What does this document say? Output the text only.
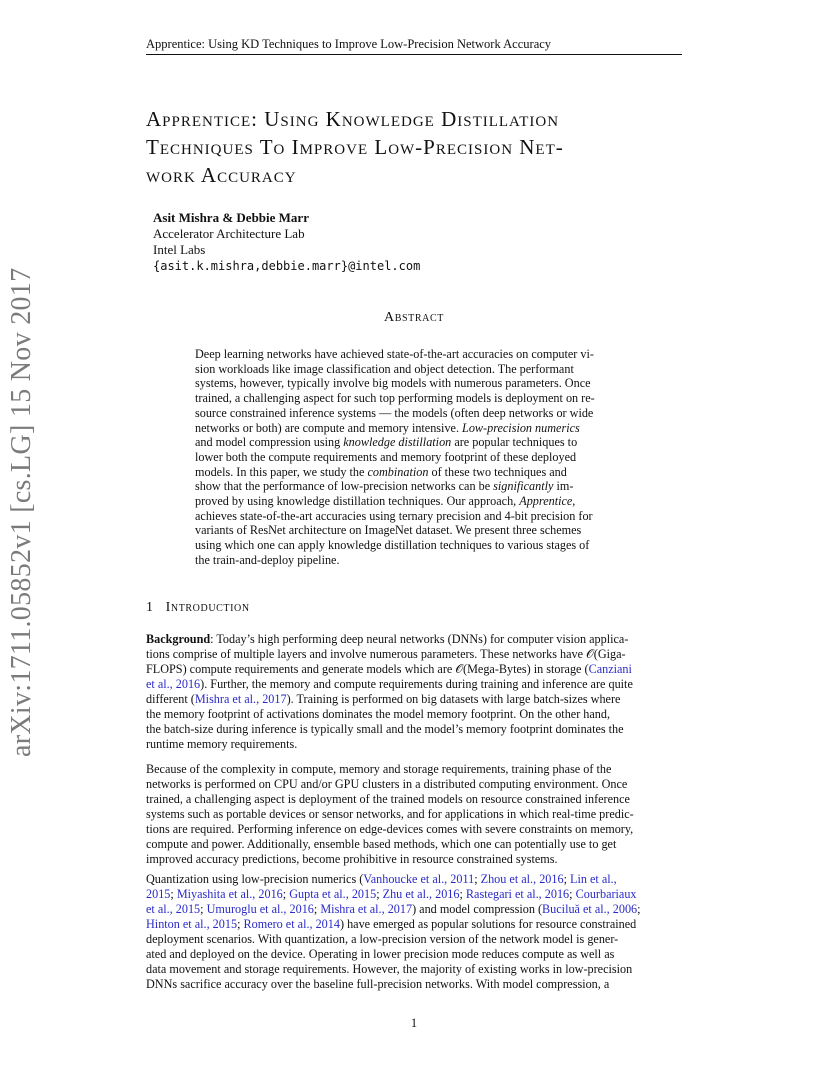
Apprentice: Using KD Techniques to Improve Low-Precision Network Accuracy
arXiv:1711.05852v1 [cs.LG] 15 Nov 2017
Apprentice: Using Knowledge Distillation
Techniques To Improve Low-Precision Net-
work Accuracy
Asit Mishra & Debbie Marr
Accelerator Architecture Lab
Intel Labs
{asit.k.mishra,debbie.marr}@intel.com
Abstract
Deep learning networks have achieved state-of-the-art accuracies on computer vi-
sion workloads like image classification and object detection. The performant
systems, however, typically involve big models with numerous parameters. Once
trained, a challenging aspect for such top performing models is deployment on re-
source constrained inference systems — the models (often deep networks or wide
networks or both) are compute and memory intensive. Low-precision numerics
and model compression using knowledge distillation are popular techniques to
lower both the compute requirements and memory footprint of these deployed
models. In this paper, we study the combination of these two techniques and
show that the performance of low-precision networks can be significantly im-
proved by using knowledge distillation techniques. Our approach, Apprentice,
achieves state-of-the-art accuracies using ternary precision and 4-bit precision for
variants of ResNet architecture on ImageNet dataset. We present three schemes
using which one can apply knowledge distillation techniques to various stages of
the train-and-deploy pipeline.
1 Introduction
Background: Today’s high performing deep neural networks (DNNs) for computer vision applica-
tions comprise of multiple layers and involve numerous parameters. These networks have 𝒪(Giga-
FLOPS) compute requirements and generate models which are 𝒪(Mega-Bytes) in storage (Canziani
et al., 2016). Further, the memory and compute requirements during training and inference are quite
different (Mishra et al., 2017). Training is performed on big datasets with large batch-sizes where
the memory footprint of activations dominates the model memory footprint. On the other hand,
the batch-size during inference is typically small and the model’s memory footprint dominates the
runtime memory requirements.
Because of the complexity in compute, memory and storage requirements, training phase of the
networks is performed on CPU and/or GPU clusters in a distributed computing environment. Once
trained, a challenging aspect is deployment of the trained models on resource constrained inference
systems such as portable devices or sensor networks, and for applications in which real-time predic-
tions are required. Performing inference on edge-devices comes with severe constraints on memory,
compute and power. Additionally, ensemble based methods, which one can potentially use to get
improved accuracy predictions, become prohibitive in resource constrained systems.
Quantization using low-precision numerics (Vanhoucke et al., 2011; Zhou et al., 2016; Lin et al.,
2015; Miyashita et al., 2016; Gupta et al., 2015; Zhu et al., 2016; Rastegari et al., 2016; Courbariaux
et al., 2015; Umuroglu et al., 2016; Mishra et al., 2017) and model compression (Buciluǎ et al., 2006;
Hinton et al., 2015; Romero et al., 2014) have emerged as popular solutions for resource constrained
deployment scenarios. With quantization, a low-precision version of the network model is gener-
ated and deployed on the device. Operating in lower precision mode reduces compute as well as
data movement and storage requirements. However, the majority of existing works in low-precision
DNNs sacrifice accuracy over the baseline full-precision networks. With model compression, a
1
